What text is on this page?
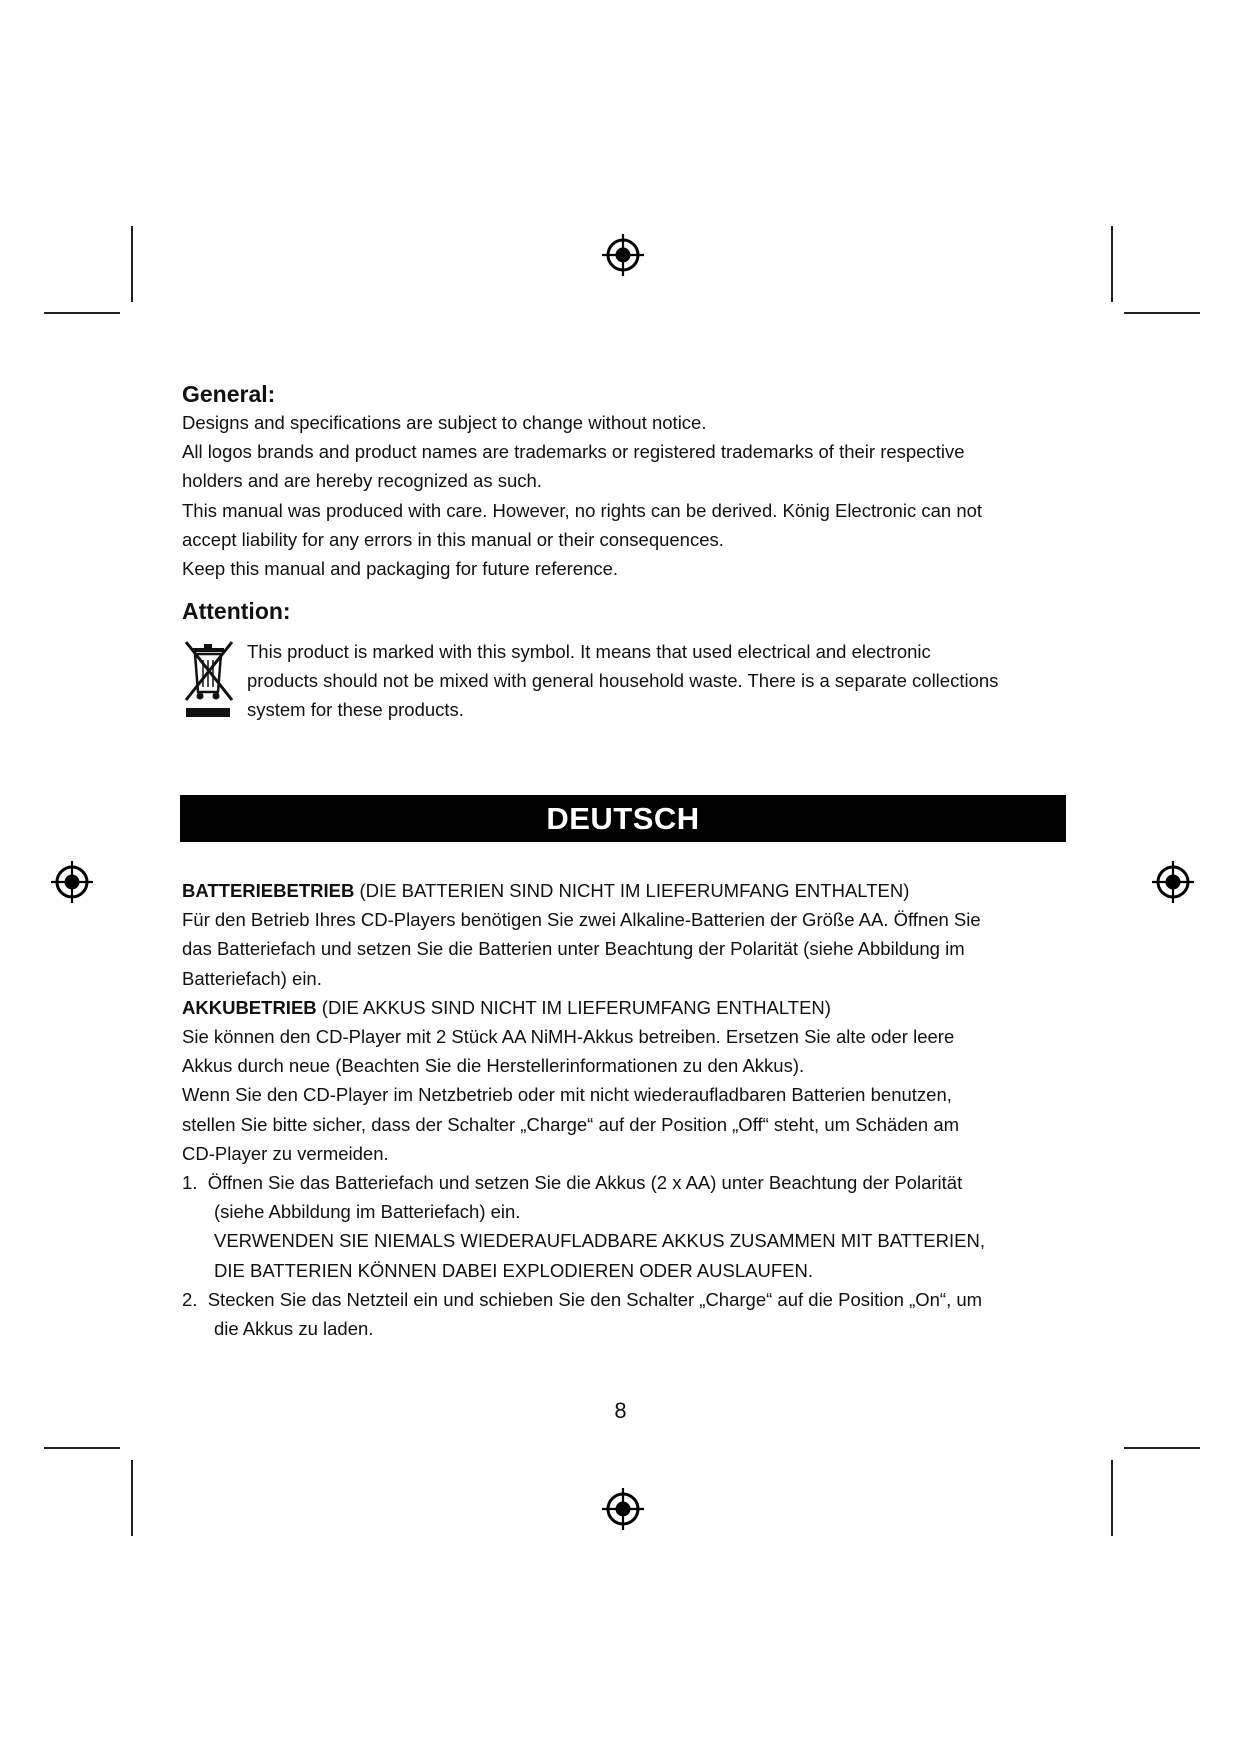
General:
Designs and specifications are subject to change without notice.
All logos brands and product names are trademarks or registered trademarks of their respective
holders and are hereby recognized as such.
This manual was produced with care. However, no rights can be derived. König Electronic can not
accept liability for any errors in this manual or their consequences.
Keep this manual and packaging for future reference.
Attention:
This product is marked with this symbol. It means that used electrical and electronic
products should not be mixed with general household waste. There is a separate collections
system for these products.
DEUTSCH
BATTERIEBETRIEB (DIE BATTERIEN SIND NICHT IM LIEFERUMFANG ENTHALTEN)
Für den Betrieb Ihres CD-Players benötigen Sie zwei Alkaline-Batterien der Größe AA. Öffnen Sie
das Batteriefach und setzen Sie die Batterien unter Beachtung der Polarität (siehe Abbildung im
Batteriefach) ein.
AKKUBETRIEB (DIE AKKUS SIND NICHT IM LIEFERUMFANG ENTHALTEN)
Sie können den CD-Player mit 2 Stück AA NiMH-Akkus betreiben. Ersetzen Sie alte oder leere
Akkus durch neue (Beachten Sie die Herstellerinformationen zu den Akkus).
Wenn Sie den CD-Player im Netzbetrieb oder mit nicht wiederaufladbaren Batterien benutzen,
stellen Sie bitte sicher, dass der Schalter „Charge“ auf der Position „Off“ steht, um Schäden am
CD-Player zu vermeiden.
1.  Öffnen Sie das Batteriefach und setzen Sie die Akkus (2 x AA) unter Beachtung der Polarität
(siehe Abbildung im Batteriefach) ein.
VERWENDEN SIE NIEMALS WIEDERAUFLADBARE AKKUS ZUSAMMEN MIT BATTERIEN,
DIE BATTERIEN KÖNNEN DABEI EXPLODIEREN ODER AUSLAUFEN.
2.  Stecken Sie das Netzteil ein und schieben Sie den Schalter „Charge“ auf die Position „On“, um
die Akkus zu laden.
8
